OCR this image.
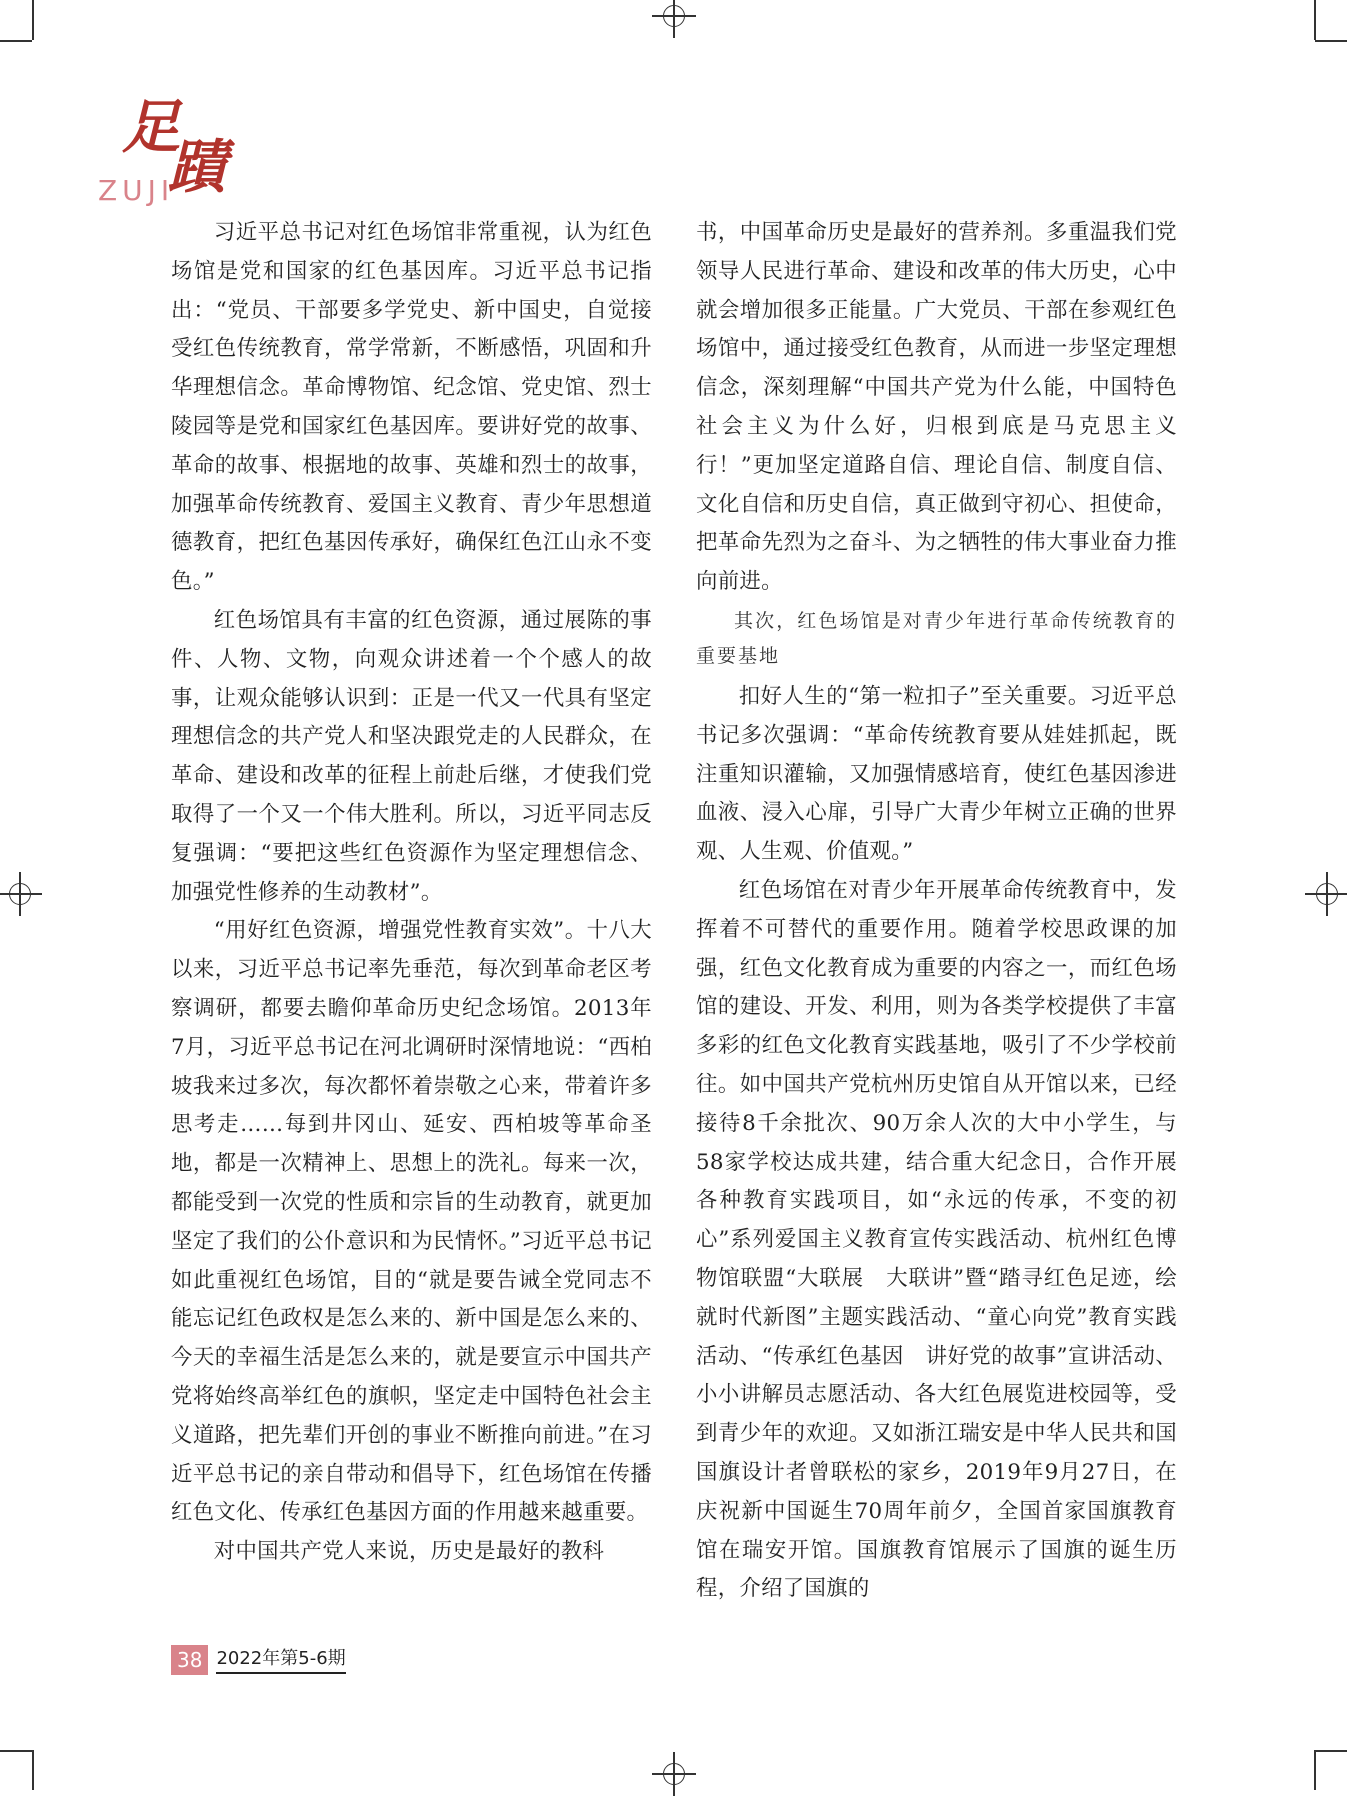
足
蹟
ZUJI

习近平总书记对红色场馆非常重视，认为红色场馆是党和国家的红色基因库。习近平总书记指出：“党员、干部要多学党史、新中国史，自觉接受红色传统教育，常学常新，不断感悟，巩固和升华理想信念。革命博物馆、纪念馆、党史馆、烈士陵园等是党和国家红色基因库。要讲好党的故事、革命的故事、根据地的故事、英雄和烈士的故事，加强革命传统教育、爱国主义教育、青少年思想道德教育，把红色基因传承好，确保红色江山永不变色。”

红色场馆具有丰富的红色资源，通过展陈的事件、人物、文物，向观众讲述着一个个感人的故事，让观众能够认识到：正是一代又一代具有坚定理想信念的共产党人和坚决跟党走的人民群众，在革命、建设和改革的征程上前赴后继，才使我们党取得了一个又一个伟大胜利。所以，习近平同志反复强调：“要把这些红色资源作为坚定理想信念、加强党性修养的生动教材”。

“用好红色资源，增强党性教育实效”。十八大以来，习近平总书记率先垂范，每次到革命老区考察调研，都要去瞻仰革命历史纪念场馆。2013年7月，习近平总书记在河北调研时深情地说：“西柏坡我来过多次，每次都怀着崇敬之心来，带着许多思考走……每到井冈山、延安、西柏坡等革命圣地，都是一次精神上、思想上的洗礼。每来一次，都能受到一次党的性质和宗旨的生动教育，就更加坚定了我们的公仆意识和为民情怀。”习近平总书记如此重视红色场馆，目的“就是要告诫全党同志不能忘记红色政权是怎么来的、新中国是怎么来的、今天的幸福生活是怎么来的，就是要宣示中国共产党将始终高举红色的旗帜，坚定走中国特色社会主义道路，把先辈们开创的事业不断推向前进。”在习近平总书记的亲自带动和倡导下，红色场馆在传播红色文化、传承红色基因方面的作用越来越重要。

对中国共产党人来说，历史是最好的教科

书，中国革命历史是最好的营养剂。多重温我们党领导人民进行革命、建设和改革的伟大历史，心中就会增加很多正能量。广大党员、干部在参观红色场馆中，通过接受红色教育，从而进一步坚定理想信念，深刻理解“中国共产党为什么能，中国特色社会主义为什么好，归根到底是马克思主义行！”更加坚定道路自信、理论自信、制度自信、文化自信和历史自信，真正做到守初心、担使命，把革命先烈为之奋斗、为之牺牲的伟大事业奋力推向前进。

其次，红色场馆是对青少年进行革命传统教育的重要基地

扣好人生的“第一粒扣子”至关重要。习近平总书记多次强调：“革命传统教育要从娃娃抓起，既注重知识灌输，又加强情感培育，使红色基因渗进血液、浸入心扉，引导广大青少年树立正确的世界观、人生观、价值观。”

红色场馆在对青少年开展革命传统教育中，发挥着不可替代的重要作用。随着学校思政课的加强，红色文化教育成为重要的内容之一，而红色场馆的建设、开发、利用，则为各类学校提供了丰富多彩的红色文化教育实践基地，吸引了不少学校前往。如中国共产党杭州历史馆自从开馆以来，已经接待8千余批次、90万余人次的大中小学生，与58家学校达成共建，结合重大纪念日，合作开展各种教育实践项目，如“永远的传承，不变的初心”系列爱国主义教育宣传实践活动、杭州红色博物馆联盟“大联展　大联讲”暨“踏寻红色足迹，绘就时代新图”主题实践活动、“童心向党”教育实践活动、“传承红色基因　讲好党的故事”宣讲活动、小小讲解员志愿活动、各大红色展览进校园等，受到青少年的欢迎。又如浙江瑞安是中华人民共和国国旗设计者曾联松的家乡，2019年9月27日，在庆祝新中国诞生70周年前夕，全国首家国旗教育馆在瑞安开馆。国旗教育馆展示了国旗的诞生历程，介绍了国旗的

38 2022年第5-6期
